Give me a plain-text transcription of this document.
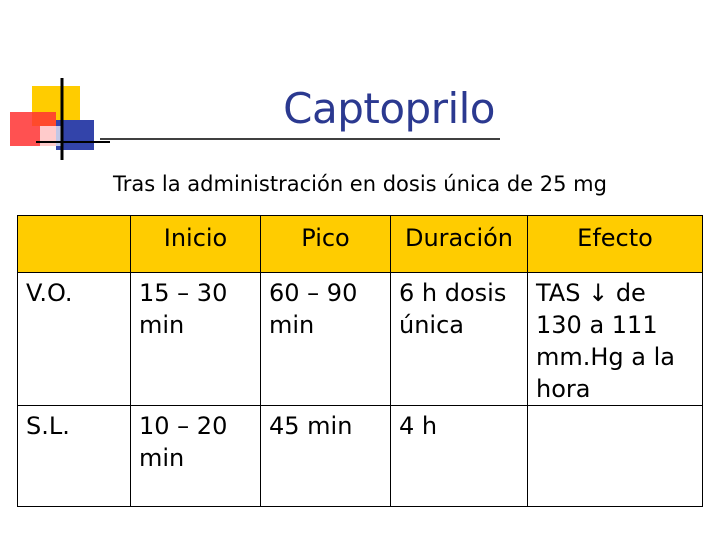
Captoprilo
Tras la administración en dosis única de 25 mg
	Inicio	Pico	Duración	Efecto
V.O.	15 – 30 min	60 – 90 min	6 h dosis única	TAS ↓ de 130 a 111 mm.Hg a la hora
S.L.	10 – 20 min	45 min	4 h	
